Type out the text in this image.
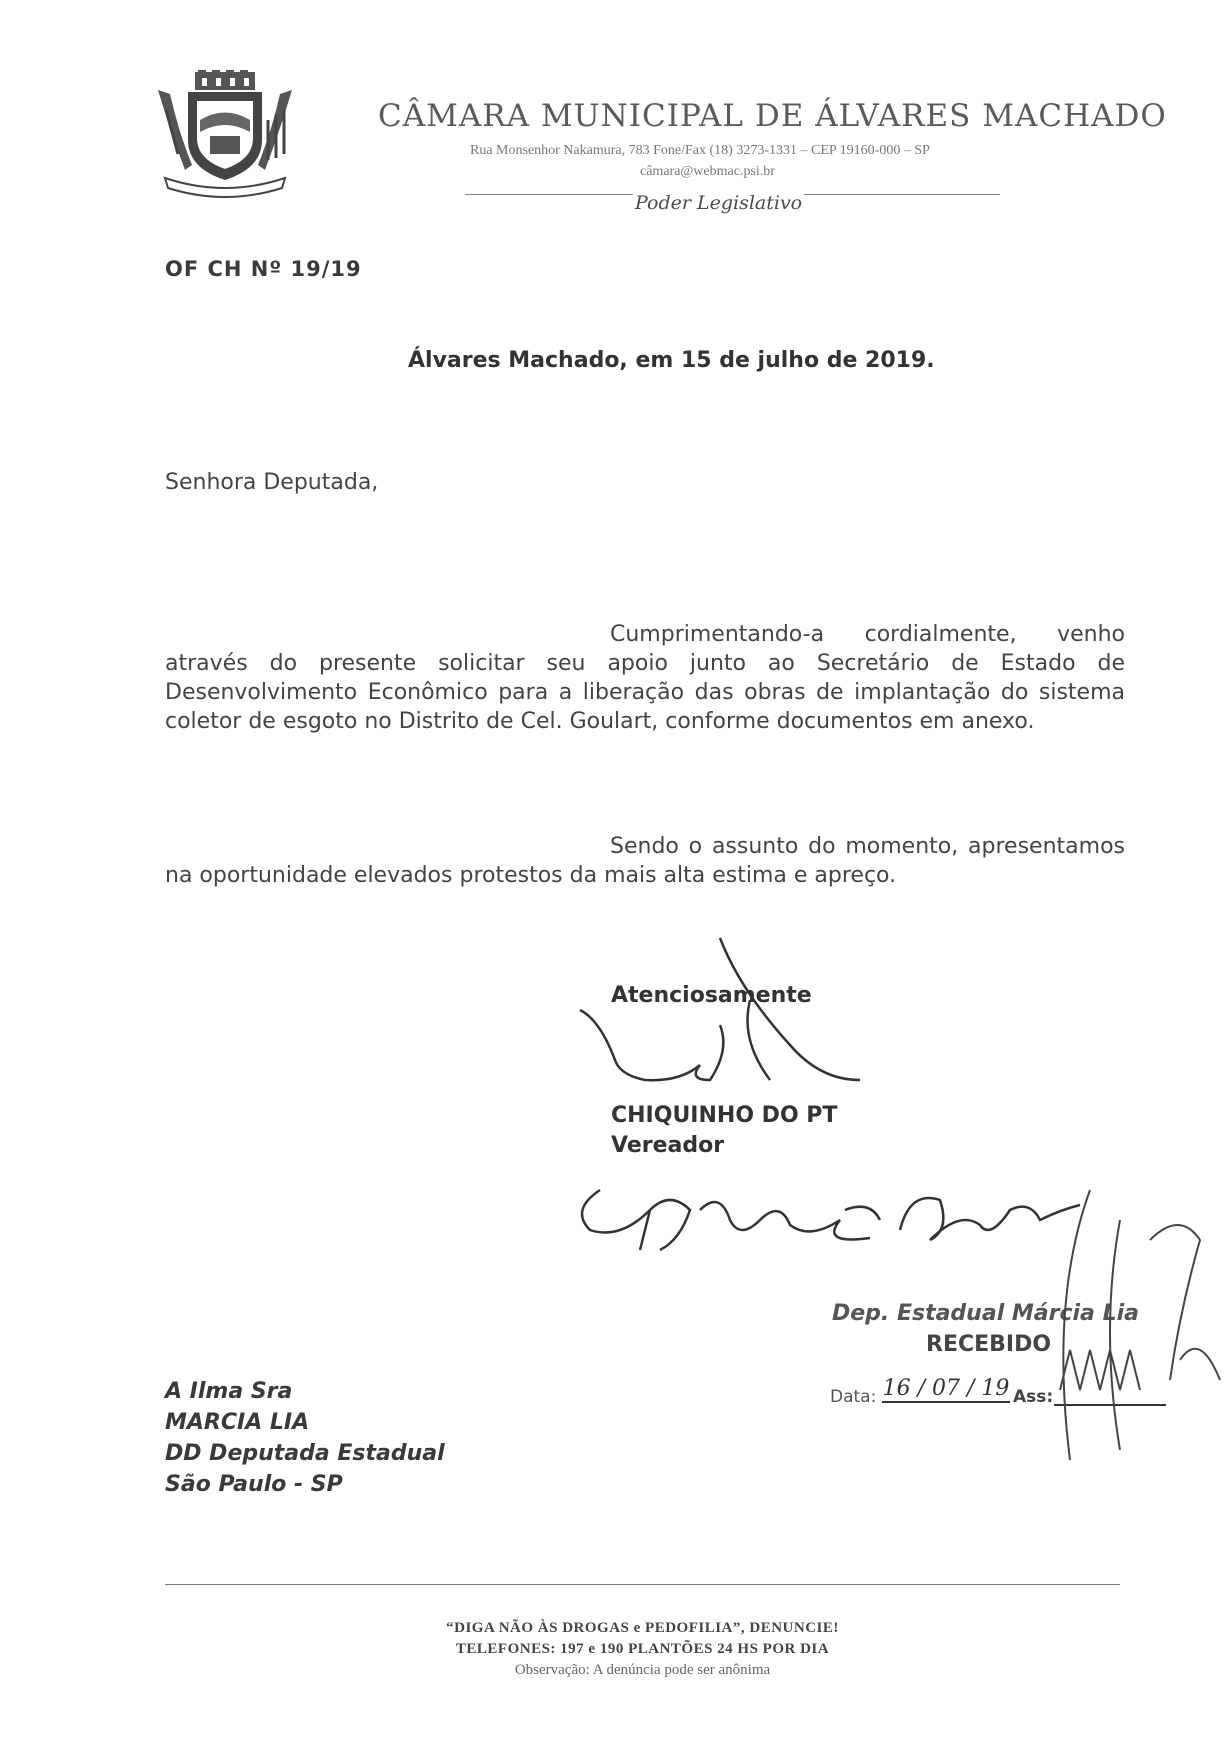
CÂMARA MUNICIPAL DE ÁLVARES MACHADO
Rua Monsenhor Nakamura, 783 Fone/Fax (18) 3273-1331 – CEP 19160-000 – SP
câmara@webmac.psi.br
Poder Legislativo
OF CH Nº 19/19
Álvares Machado, em 15 de julho de 2019.
Senhora Deputada,
Cumprimentando-a cordialmente, venho através do presente solicitar seu apoio junto ao Secretário de Estado de Desenvolvimento Econômico para a liberação das obras de implantação do sistema coletor de esgoto no Distrito de Cel. Goulart, conforme documentos em anexo.
Sendo o assunto do momento, apresentamos na oportunidade elevados protestos da mais alta estima e apreço.
Atenciosamente
CHIQUINHO DO PT
Vereador
Dep. Estadual Márcia Lia
RECEBIDO
Data: 16 / 07 / 19 Ass:
A Ilma Sra
MARCIA LIA
DD Deputada Estadual
São Paulo - SP
“DIGA NÃO ÀS DROGAS e PEDOFILIA”, DENUNCIE!
TELEFONES: 197 e 190 PLANTÕES 24 HS POR DIA
Observação: A denúncia pode ser anônima
